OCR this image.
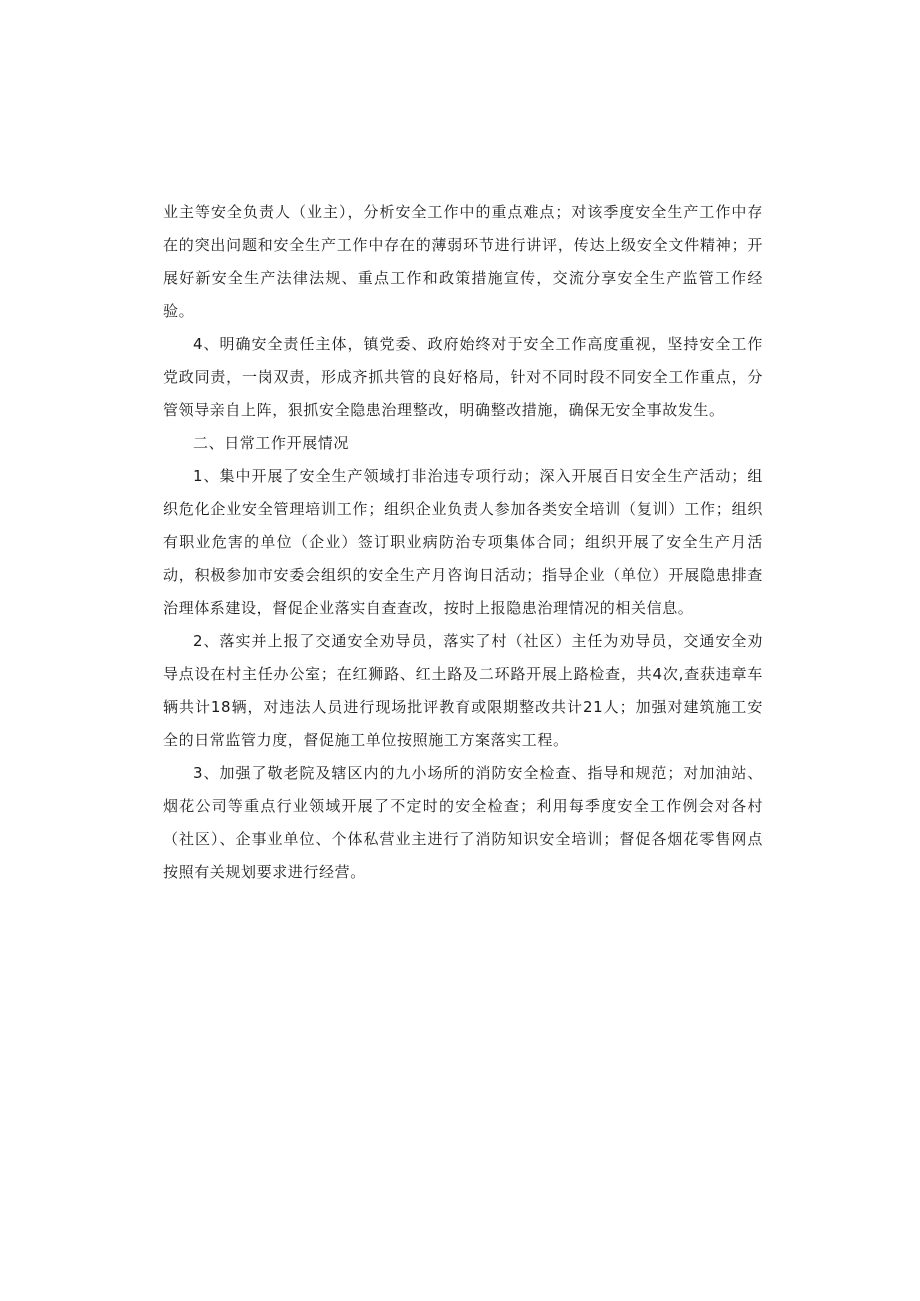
业主等安全负责人（业主），分析安全工作中的重点难点；对该季度安全生产工作中存在的突出问题和安全生产工作中存在的薄弱环节进行讲评，传达上级安全文件精神；开展好新安全生产法律法规、重点工作和政策措施宣传，交流分享安全生产监管工作经验。

4、明确安全责任主体，镇党委、政府始终对于安全工作高度重视，坚持安全工作党政同责，一岗双责，形成齐抓共管的良好格局，针对不同时段不同安全工作重点，分管领导亲自上阵，狠抓安全隐患治理整改，明确整改措施，确保无安全事故发生。

二、日常工作开展情况

1、集中开展了安全生产领域打非治违专项行动；深入开展百日安全生产活动；组织危化企业安全管理培训工作；组织企业负责人参加各类安全培训（复训）工作；组织有职业危害的单位（企业）签订职业病防治专项集体合同；组织开展了安全生产月活动，积极参加市安委会组织的安全生产月咨询日活动；指导企业（单位）开展隐患排查治理体系建设，督促企业落实自查查改，按时上报隐患治理情况的相关信息。

2、落实并上报了交通安全劝导员，落实了村（社区）主任为劝导员，交通安全劝导点设在村主任办公室；在红狮路、红土路及二环路开展上路检查，共4次,查获违章车辆共计18辆，对违法人员进行现场批评教育或限期整改共计21人；加强对建筑施工安全的日常监管力度，督促施工单位按照施工方案落实工程。

3、加强了敬老院及辖区内的九小场所的消防安全检查、指导和规范；对加油站、烟花公司等重点行业领域开展了不定时的安全检查；利用每季度安全工作例会对各村（社区）、企事业单位、个体私营业主进行了消防知识安全培训；督促各烟花零售网点按照有关规划要求进行经营。
